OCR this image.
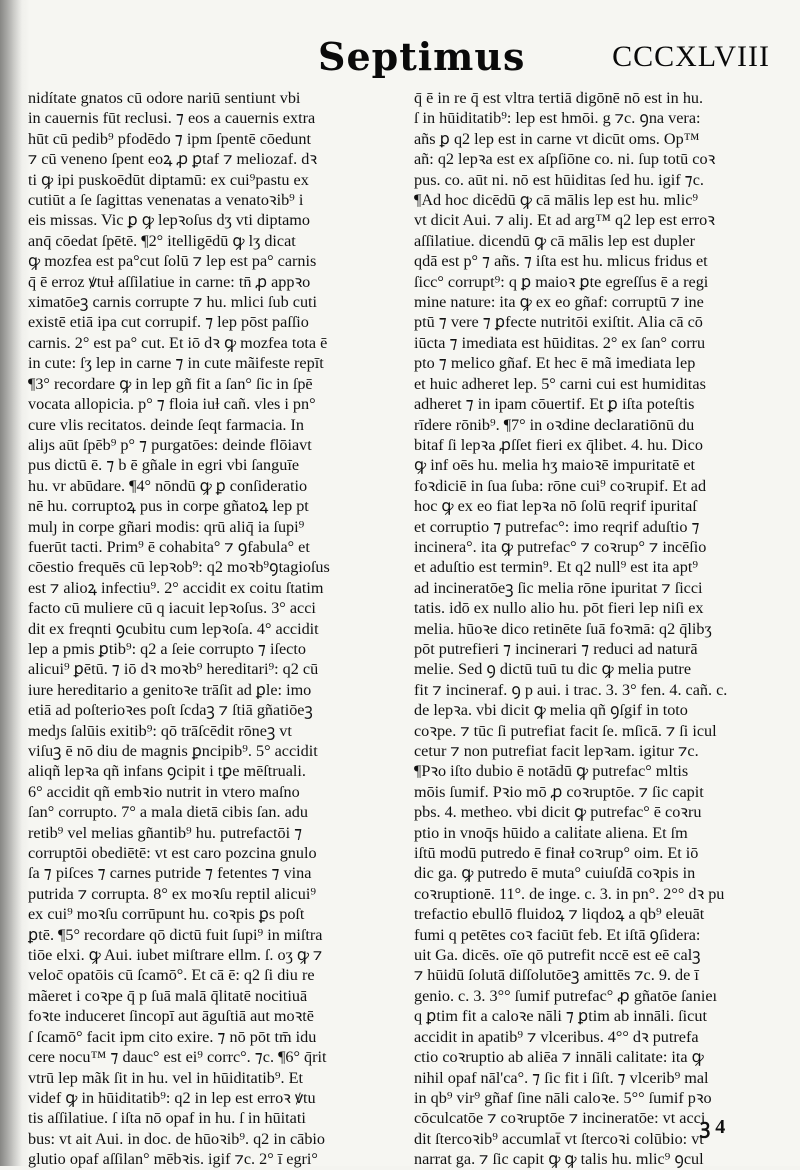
Septimus	CCCXLVIII
nidítate gnatos cū odore nariū sentiunt vbi
in cauernis fūt reclusi. ⁊ eos a cauernis extra
hūt cū pedib⁹ pfodēdo ⁊ ipm ſpentē cōedunt
⁊ cū veneno ſpent eoꝝ ꝓ ꝑtaf ⁊ meliozaf. dꝛ
ti ꝙ ipi puskoēdūt diptamū: ex cui⁹pastu ex
cutiūt a ſe ſagittas venenatas a venatoꝛib⁹ i
eis missas. Vic ꝑ ꝙ lepꝛoſus dʒ vti diptamo
anq̄ cōedat ſpētē. ¶2° itelligēdū ꝙ lʒ dicat
ꝙ mozfea est pa°cut ſolū ⁊ lep est pa° carnis
q̄ ē erroz ꝟtuɫ aſſilatiue in carne: tn̄ ꝓ appꝛo
ximatōeꝫ carnis corrupte ⁊ hu. mlici ſub cuti
existē etiā ipa cut corrupif. ⁊ lep pōst paſſio
carnis. 2° est pa° cut. Et iō dꝛ ꝙ mozfea tota ē
in cute: ſʒ lep in carne ⁊ in cute mãifeste repīt
¶3° recordare ꝙ in lep gñ fit a ſan° ſic in ſpē
vocata allopicia. p° ⁊ floia iuɫ cañ. vles i pn°
cure vlis recitatos. deinde ſeqt farmacia. In
aliȷs aūt ſpēb⁹ p° ⁊ purgatōes: deinde flōiavt
pus dictū ē. ⁊ b ē gñale in egri vbi ſanguīe
hu. vr abūdare. ¶4° nōndū ꝙ ꝑ conſideratio
nē hu. corruptoꝝ pus in corpe gñatoꝝ lep pt
mulȷ in corpe gñari modis: qrū aliq̄ ia ſupi⁹
fuerūt tacti. Prim⁹ ē cohabita° ⁊ ꝯfabula° et
cōestio frequēs cū lepꝛob⁹: q2 moꝛb⁹ꝯtagioſus
est ⁊ alioꝝ infectiu⁹. 2° accidit ex coitu ſtatim
facto cū muliere cū q iacuit lepꝛoſus. 3° acci
dit ex freqnti ꝯcubitu cum lepꝛoſa. 4° accidit
lep a pmis ꝑtib⁹: q2 a ſeie corrupto ⁊ iſecto
alicui⁹ ꝑētū. ⁊ iō dꝛ moꝛb⁹ hereditari⁹: q2 cū
iure hereditario a genitoꝛe trāſit ad ꝑle: imo
etiā ad poſterioꝛes poſt ſcdaꝫ ⁊ ſtiā gñatiōeꝫ
medȷs ſalūis exitib⁹: qō trāſcēdit rōneꝫ vt
viſuꝫ ē nō diu de magnis ꝑncipib⁹. 5° accidit
aliqñ lepꝛa qñ infans ꝯcipit i tꝑe mēſtruali.
6° accidit qñ embꝛio nutrit in vtero maſno
ſan° corrupto. 7° a mala dietā cibis ſan. adu
retib⁹ vel melias gñantib⁹ hu. putrefactōi ⁊
corruptōi obediētē: vt est caro pozcina gnulo
ſa ⁊ piſces ⁊ carnes putride ⁊ fetentes ⁊ vina
putrida ⁊ corrupta. 8° ex moꝛſu reptil alicui⁹
ex cui⁹ moꝛſu corrūpunt hu. coꝛpis ꝑs poſt
ꝑtē. ¶5° recordare qō dictū fuit ſupi⁹ in miſtra
tiōe elxi. ꝙ Aui. iubet miſtrare ellm. ſ. oʒ ꝙ ⁊
veloc̄ opatōis cū ſcamō°. Et cā ē: q2 ſi diu re
mãeret i coꝛpe q̄ p ſuā malā q̄litatē nocitiuā
foꝛte induceret ſincopī aut āguſtiā aut moꝛtē
ſ ſcamō° facit ipm cito exire. ⁊ nō pōt tm̄ idu
cere nocu™ ⁊ dauc° est ei⁹ corrc°. ⁊c. ¶6° q̄rit
vtrū lep mãk ſit in hu. vel in hūiditatib⁹. Et
videf ꝙ in hūiditatib⁹: q2 in lep est erroꝛ ꝟtu
tis aſſilatiue. ſ iſta nō opaf in hu. ſ in hūitati
bus: vt ait Aui. in doc. de hūoꝛib⁹. q2 in cābio
glutio opaf aſſilan° mēbꝛis. igif ⁊c. 2° ī egri°
q̄ ē in re q̄ est vltra tertiā digōnē nō est in hu.
ſ in hūiditatib⁹: lep est hmōi. g ⁊c. ꝯna vera:
añs ꝑ q2 lep est in carne vt dicūt oms. Op™
añ: q2 lepꝛa est ex aſpſiōne co. ni. ſup totū coꝛ
pus. co. aūt ni. nō est hūiditas ſed hu. igif ⁊c.
¶Ad hoc dicēdū ꝙ cā mālis lep est hu. mlic⁹
vt dicit Aui. ⁊ aliȷ. Et ad arg™ q2 lep est erroꝛ
aſſilatiue. dicendū ꝙ cā mālis lep est dupler
qdā est p° ⁊ añs. ⁊ iſta est hu. mlicus fridus et
ſicc° corrupt⁹: q ꝑ maioꝛ ꝑte egreſſus ē a regi
mine nature: ita ꝙ ex eo gñaf: corruptū ⁊ ine
ptū ⁊ vere ⁊ ꝑfecte nutritōi exiſtit. Alia cā cō
iūcta ⁊ imediata est hūiditas. 2° ex ſan° corru
pto ⁊ melico gñaf. Et hec ē mã imediata lep
et huic adheret lep. 5° carni cui est humiditas
adheret ⁊ in ipam cōuertif. Et ꝑ iſta poteſtis
rīdere rōnib⁹. ¶7° in oꝛdine declaratiōnū du
bitaf ſi lepꝛa ꝓſſet fieri ex q̄libet. 4. hu. Dico
ꝙ inf oēs hu. melia hʒ maioꝛē impuritatē et
foꝛdiciē in ſua ſuba: rōne cui⁹ coꝛrupif. Et ad
hoc ꝙ ex eo fiat lepꝛa nō ſolū reqrif ipuritaſ
et corruptio ⁊ putrefac°: imo reqrif aduſtio ⁊
incinera°. ita ꝙ putrefac° ⁊ coꝛrup° ⁊ incēſio
et aduſtio est termin⁹. Et q2 null⁹ est ita apt⁹
ad incineratōeꝫ ſic melia rōne ipuritat ⁊ ſicci
tatis. idō ex nullo alio hu. pōt fieri lep niſi ex
melia. hūoꝛe dico retinēte ſuā foꝛmā: q2 q̄libʒ
pōt putrefieri ⁊ incinerari ⁊ reduci ad naturā
melie. Sed ꝯ dictū tuū tu dic ꝙ melia putre
fit ⁊ incineraf. ꝯ p aui. i trac. 3. 3° fen. 4. cañ. c.
de lepꝛa. vbi dicit ꝙ melia qñ ꝯſgif in toto
coꝛpe. ⁊ tūc ſi putrefiat facit ſe. mſicā. ⁊ ſi icul
cetur ⁊ non putrefiat facit lepꝛam. igitur ⁊c.
¶Pꝛo iſto dubio ē notādū ꝙ putrefac° mltis
mōis ſumif. Pꝛio mō ꝓ coꝛruptōe. ⁊ ſic capit
pbs. 4. metheo. vbi dicit ꝙ putrefac° ē coꝛru
ptio in vnoq̄s hūido a caliṫate aliena. Et ſm
iſtū modū putredo ē finaɫ coꝛrup° oim. Et iō
dic ga. ꝙ putredo ē muta° cuiuſdā coꝛpis in
coꝛruptionē. 11°. de inge. c. 3. in pn°. 2°° dꝛ pu
trefactio ebullō fluidoꝝ ⁊ liqdoꝝ a qb⁹ eleuāt
fumi q petētes coꝛ faciūt feb. Et iſtā ꝯſidera:
uit Ga. dicēs. oīe qō putrefit nccē est eē calꝫ
⁊ hūidū ſolutā diſſolutōeꝫ amittēs ⁊c. 9. de ī
genio. c. 3. 3°° ſumif putrefac° ꝓ gñatōe ſanieı
q ꝑtim fit a caloꝛe nāli ⁊ ꝑtim ab innāli. ſicut
accidit in apatib⁹ ⁊ vlceribus. 4°° dꝛ putrefa
ctio coꝛruptio ab aliēa ⁊ innāli calitate: ita ꝙ
nihil opaf nāl'ca°. ⁊ ſic fit i ſiſt. ⁊ vlcerib⁹ mal
in qb⁹ vir⁹ gñaf ſine nāli caloꝛe. 5°° ſumif pꝛo
cōculcatōe ⁊ coꝛruptōe ⁊ incineratōe: vt acci
dit ſtercoꝛib⁹ accumlat̄ vt ſtercoꝛi colūbio: vt
narrat ga. ⁊ ſic capit ꝙ ꝙ talis hu. mlic⁹ ꝯcul
ꝫ 4
